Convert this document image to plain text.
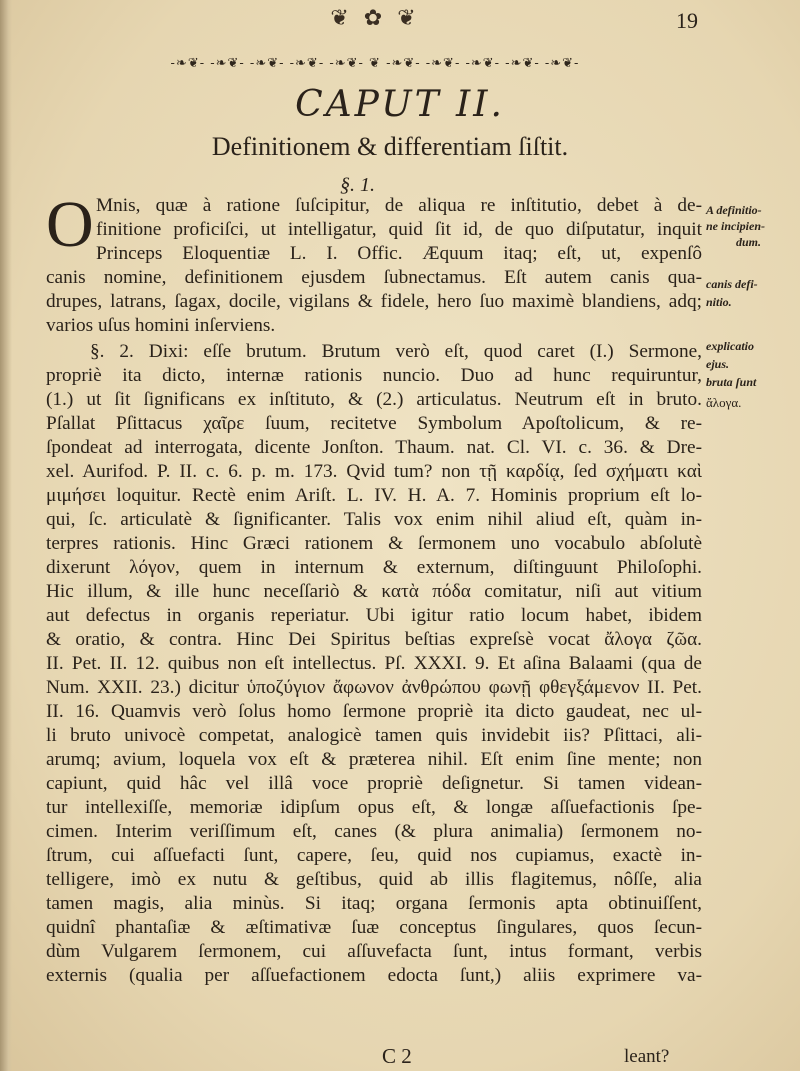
❦ ✿ ❦	19
-❧❦- -❧❦- -❧❦- -❧❦- -❧❦- ❦ -❧❦- -❧❦- -❧❦- -❧❦- -❧❦-
CAPUT II.
Definitionem & differentiam ſiſtit.
§. 1.
O Mnis, quæ à ratione ſuſcipitur, de aliqua re inſtitutio, debet à de-
finitione proficiſci, ut intelligatur, quid ſit id, de quo diſputatur, inquit
Princeps Eloquentiæ L. I. Offic. Æquum itaq; eſt, ut, expenſô
canis nomine, definitionem ejusdem ſubnectamus. Eſt autem canis qua-
drupes, latrans, ſagax, docile, vigilans & fidele, hero ſuo maximè blandiens, adq;
varios uſus homini inſerviens.
§. 2. Dixi: eſſe brutum. Brutum verò eſt, quod caret (I.) Sermone,
propriè ita dicto, internæ rationis nuncio. Duo ad hunc requiruntur,
(1.) ut ſit ſignificans ex inſtituto, & (2.) articulatus. Neutrum eſt in bruto.
Pſallat Pſittacus χαῖρε ſuum, recitetve Symbolum Apoſtolicum, & re-
ſpondeat ad interrogata, dicente Jonſton. Thaum. nat. Cl. VI. c. 36. & Dre-
xel. Aurifod. P. II. c. 6. p. m. 173. Qvid tum? non τῇ καρδίᾳ, ſed σχήματι καὶ
μιμήσει loquitur. Rectè enim Ariſt. L. IV. H. A. 7. Hominis proprium eſt lo-
qui, ſc. articulatè & ſignificanter. Talis vox enim nihil aliud eſt, quàm in-
terpres rationis. Hinc Græci rationem & ſermonem uno vocabulo abſolutè
dixerunt λόγον, quem in internum & externum, diſtinguunt Philoſophi.
Hic illum, & ille hunc neceſſariò & κατὰ πόδα comitatur, niſi aut vitium
aut defectus in organis reperiatur. Ubi igitur ratio locum habet, ibidem
& oratio, & contra. Hinc Dei Spiritus beſtias expreſsè vocat ἄλογα ζῶα.
II. Pet. II. 12. quibus non eſt intellectus. Pſ. XXXI. 9. Et aſina Balaami (qua de
Num. XXII. 23.) dicitur ὑποζύγιον ἄφωνον ἀνθρώπου φωνῇ φθεγξάμενον II. Pet.
II. 16. Quamvis verò ſolus homo ſermone propriè ita dicto gaudeat, nec ul-
li bruto univocè competat, analogicè tamen quis invidebit iis? Pſittaci, ali-
arumq; avium, loquela vox eſt & præterea nihil. Eſt enim ſine mente; non
capiunt, quid hâc vel illâ voce propriè deſignetur. Si tamen videan-
tur intellexiſſe, memoriæ idipſum opus eſt, & longæ aſſuefactionis ſpe-
cimen. Interim veriſſimum eſt, canes (& plura animalia) ſermonem no-
ſtrum, cui aſſuefacti ſunt, capere, ſeu, quid nos cupiamus, exactè in-
telligere, imò ex nutu & geſtibus, quid ab illis flagitemus, nôſſe, alia
tamen magis, alia minùs. Si itaq; organa ſermonis apta obtinuiſſent,
quidnî phantaſiæ & æſtimativæ ſuæ conceptus ſingulares, quos ſecun-
dùm Vulgarem ſermonem, cui aſſuvefacta ſunt, intus formant, verbis
externis (qualia per aſſuefactionem edocta ſunt,) aliis exprimere va-
A definitio-
ne incipien-
dum.
canis defi-
nitio.
explicatio
ejus.
bruta ſunt
ἄλογα.
C 2	leant?
